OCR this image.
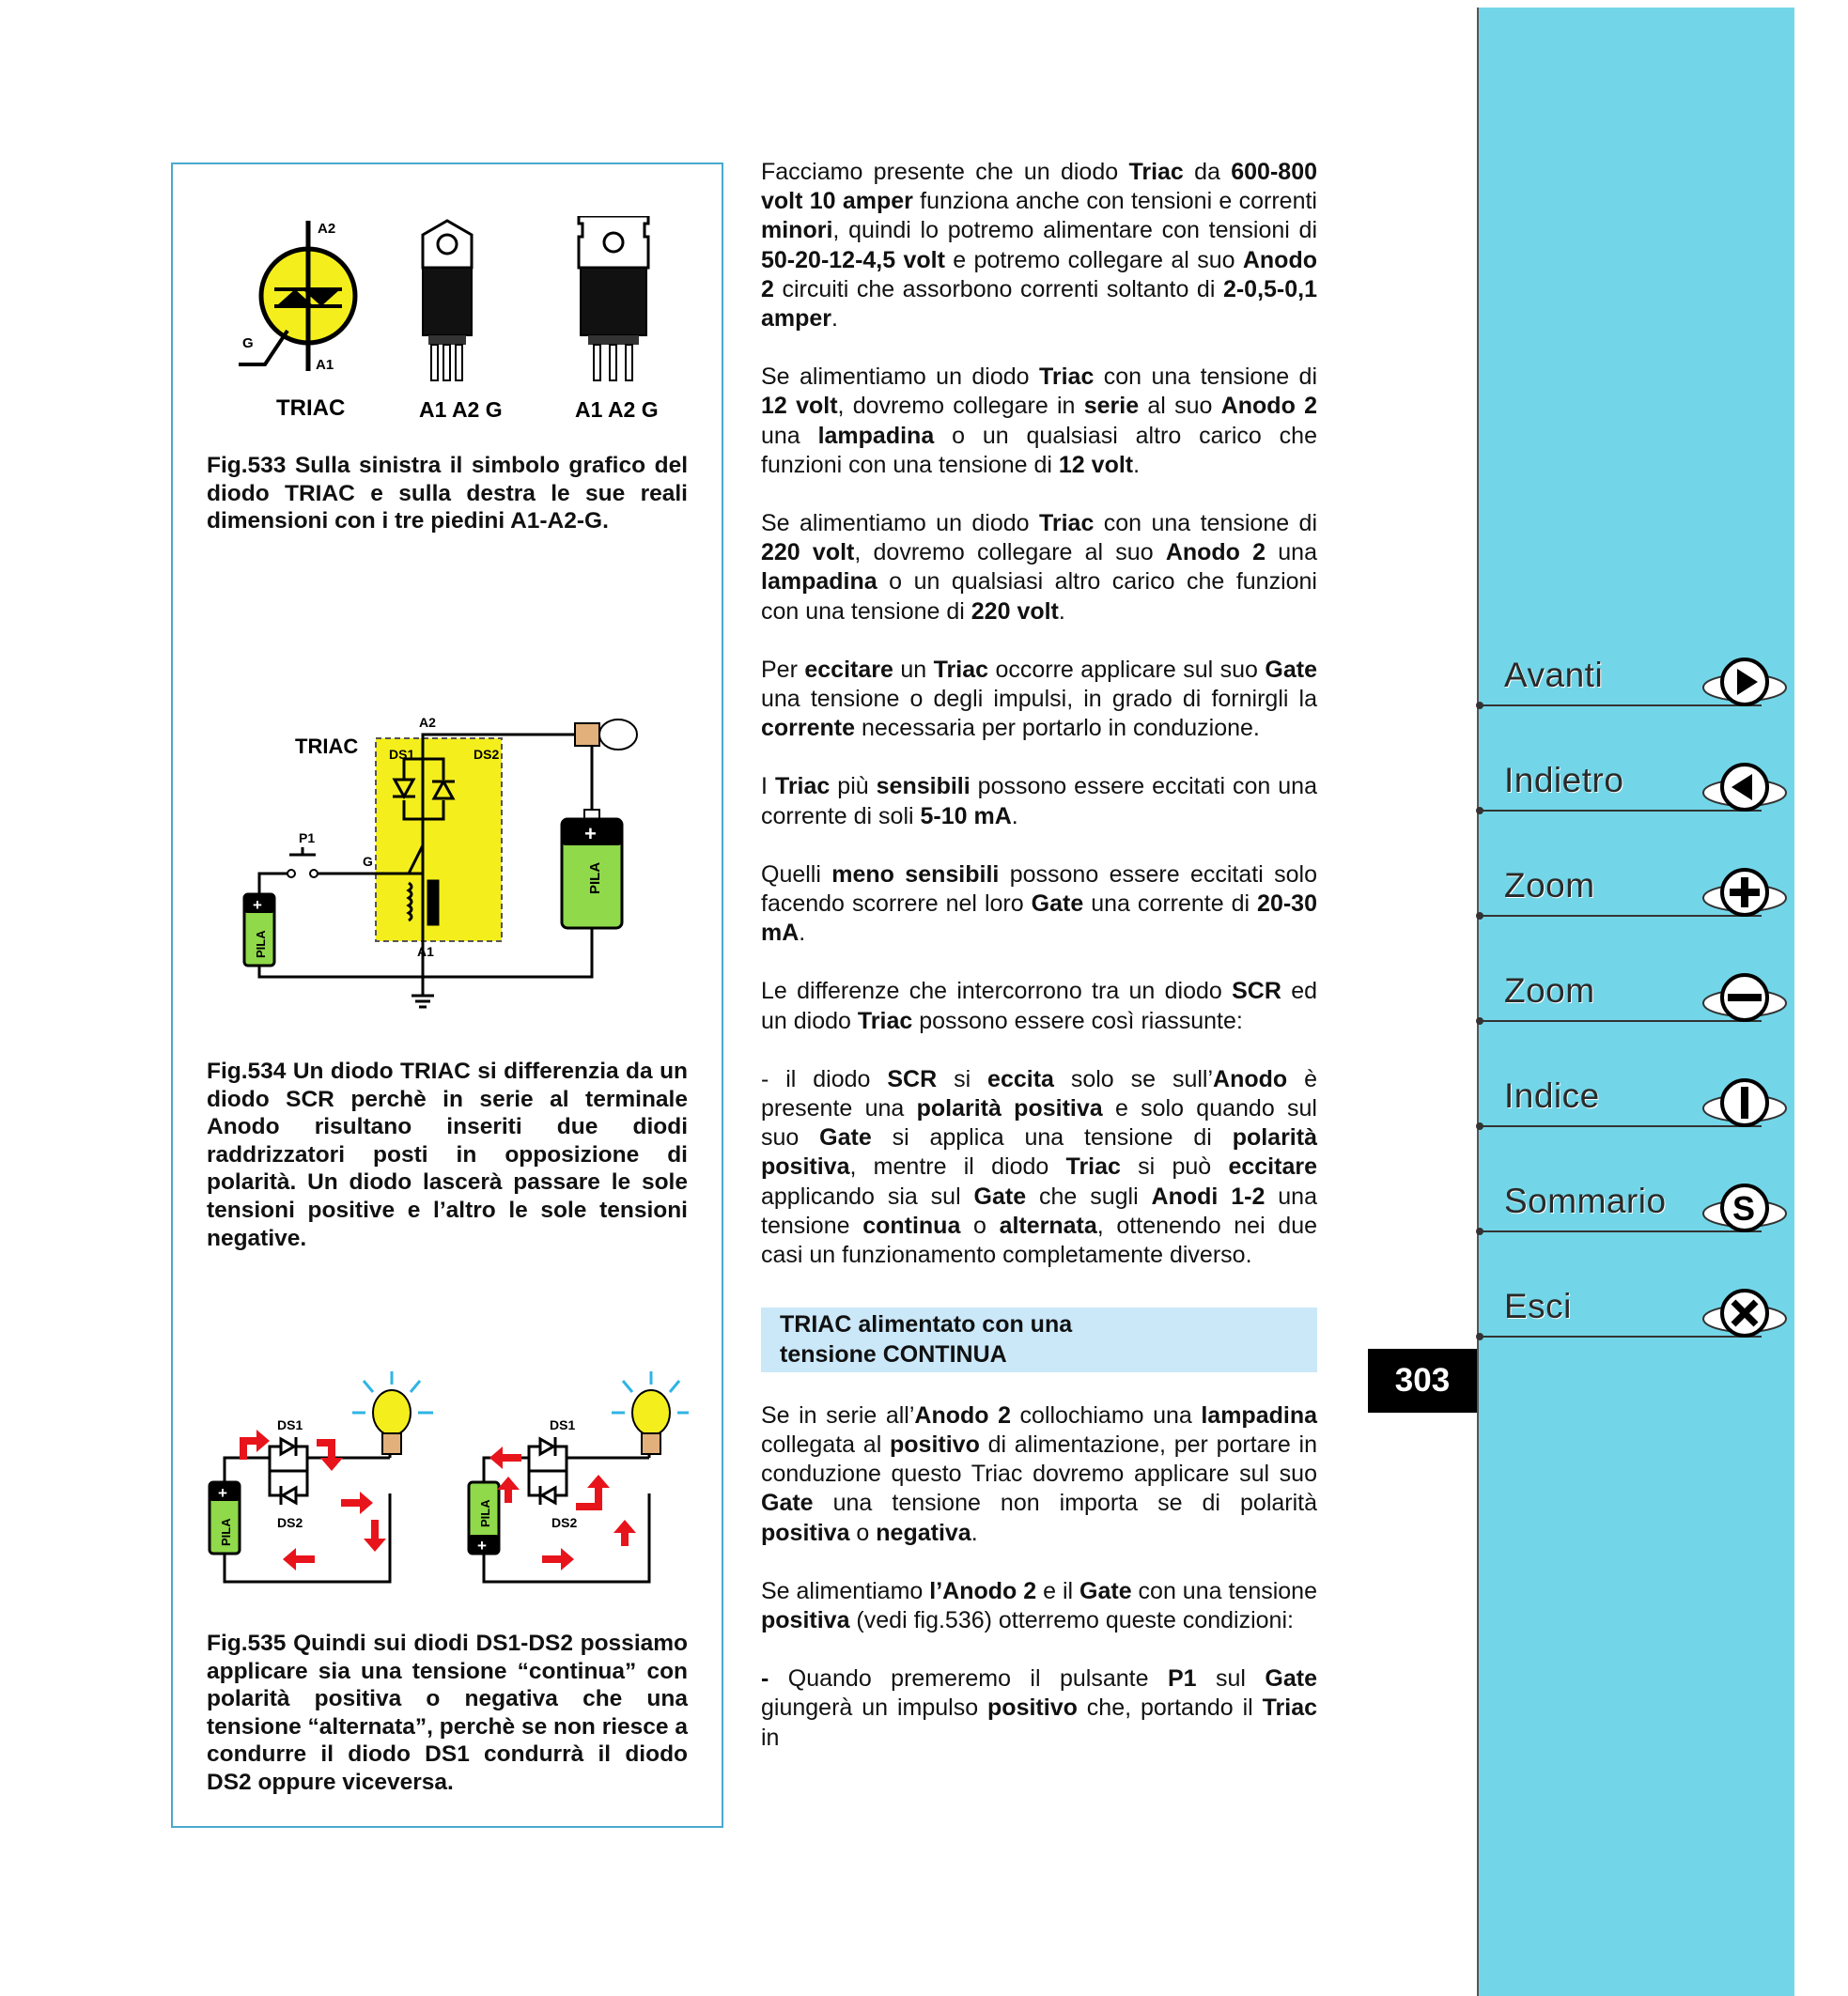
A2
A1
G
TRIAC	A1 A2 G	A1 A2 G
Fig.533 Sulla sinistra il simbolo grafico del diodo TRIAC e sulla destra le sue reali dimensioni con i tre piedini A1-A2-G.
TRIAC
A2
DS1	DS2
P1
G
A1
+
PILA
+
PILA
Fig.534 Un diodo TRIAC si differenzia da un diodo SCR perchè in serie al terminale Anodo risultano inseriti due diodi raddrizzatori posti in opposizione di polarità. Un diodo lascerà passare le sole tensioni positive e l’altro le sole tensioni negative.
DS1
DS2
+
PILA
DS1
DS2
+
PILA
Fig.535 Quindi sui diodi DS1-DS2 possiamo applicare sia una tensione “continua” con polarità positiva o negativa che una tensione “alternata”, perchè se non riesce a condurre il diodo DS1 condurrà il diodo DS2 oppure viceversa.

Facciamo presente che un diodo Triac da 600-800 volt 10 amper funziona anche con tensioni e correnti minori, quindi lo potremo alimentare con tensioni di 50-20-12-4,5 volt e potremo collegare al suo Anodo 2 circuiti che assorbono correnti soltanto di 2-0,5-0,1 amper.

Se alimentiamo un diodo Triac con una tensione di 12 volt, dovremo collegare in serie al suo Anodo 2 una lampadina o un qualsiasi altro carico che funzioni con una tensione di 12 volt.

Se alimentiamo un diodo Triac con una tensione di 220 volt, dovremo collegare al suo Anodo 2 una lampadina o un qualsiasi altro carico che funzioni con una tensione di 220 volt.

Per eccitare un Triac occorre applicare sul suo Gate una tensione o degli impulsi, in grado di fornirgli la corrente necessaria per portarlo in conduzione.

I Triac più sensibili possono essere eccitati con una corrente di soli 5-10 mA.

Quelli meno sensibili possono essere eccitati solo facendo scorrere nel loro Gate una corrente di 20-30 mA.

Le differenze che intercorrono tra un diodo SCR ed un diodo Triac possono essere così riassunte:

- il diodo SCR si eccita solo se sull’Anodo è presente una polarità positiva e solo quando sul suo Gate si applica una tensione di polarità positiva, mentre il diodo Triac si può eccitare applicando sia sul Gate che sugli Anodi 1-2 una tensione continua o alternata, ottenendo nei due casi un funzionamento completamente diverso.

TRIAC alimentato con una
tensione CONTINUA

Se in serie all’Anodo 2 collochiamo una lampadina collegata al positivo di alimentazione, per portare in conduzione questo Triac dovremo applicare sul suo Gate una tensione non importa se di polarità positiva o negativa.

Se alimentiamo l’Anodo 2 e il Gate con una tensione positiva (vedi fig.536) otterremo queste condizioni:

- Quando premeremo il pulsante P1 sul Gate giungerà un impulso positivo che, portando il Triac in

Avanti
Indietro
Zoom
Zoom
Indice
Sommario S
Esci
303
